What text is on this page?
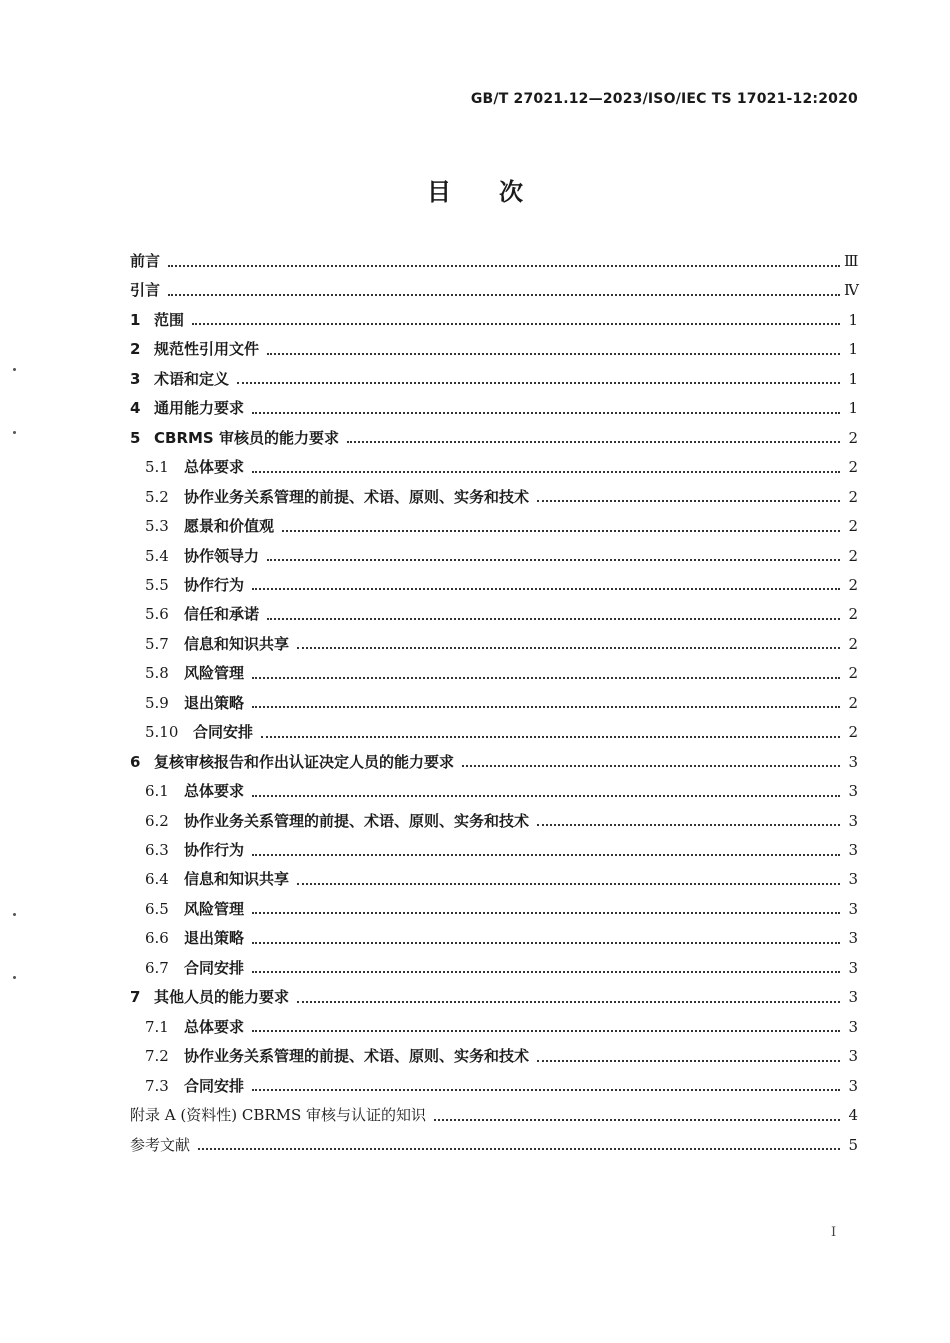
GB/T 27021.12—2023/ISO/IEC TS 17021-12:2020
目次
前言	Ⅲ
引言	Ⅳ
1 范围	1
2 规范性引用文件	1
3 术语和定义	1
4 通用能力要求	1
5 CBRMS 审核员的能力要求	2
5.1	总体要求	2
5.2	协作业务关系管理的前提、术语、原则、实务和技术	2
5.3	愿景和价值观	2
5.4	协作领导力	2
5.5	协作行为	2
5.6	信任和承诺	2
5.7	信息和知识共享	2
5.8	风险管理	2
5.9	退出策略	2
5.10 合同安排	2
6 复核审核报告和作出认证决定人员的能力要求	3
6.1	总体要求	3
6.2	协作业务关系管理的前提、术语、原则、实务和技术	3
6.3	协作行为	3
6.4	信息和知识共享	3
6.5	风险管理	3
6.6	退出策略	3
6.7	合同安排	3
7 其他人员的能力要求	3
7.1	总体要求	3
7.2	协作业务关系管理的前提、术语、原则、实务和技术	3
7.3	合同安排	3
附录 A (资料性) CBRMS 审核与认证的知识	4
参考文献	5
I
